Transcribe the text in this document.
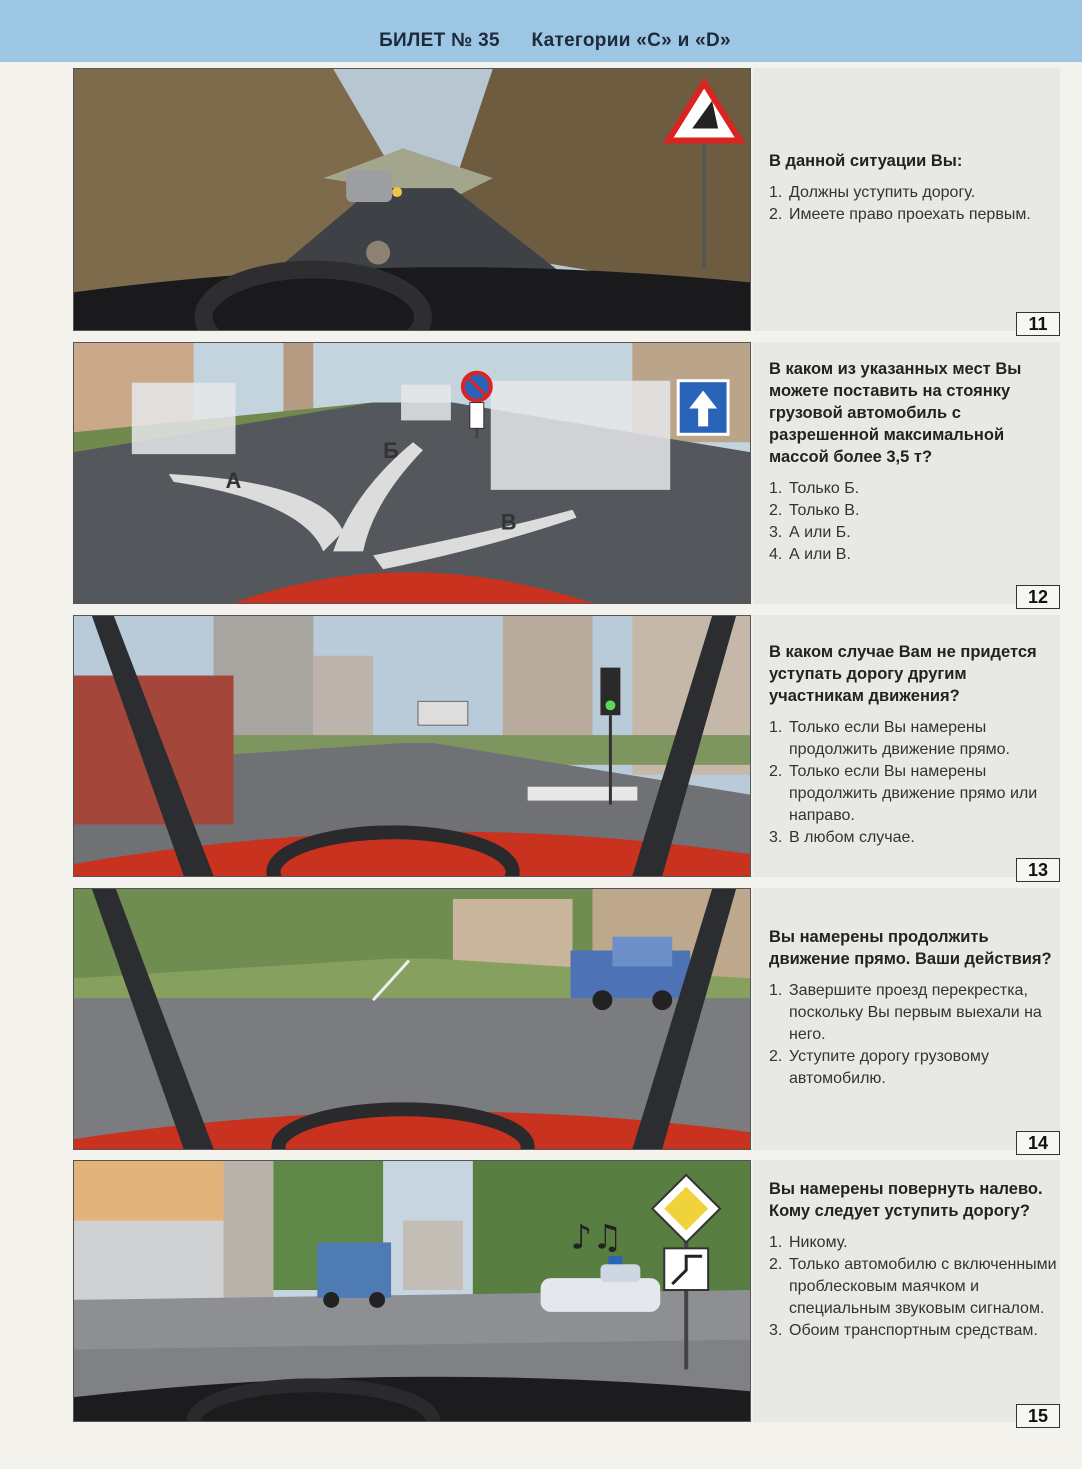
БИЛЕТ № 35 Категории «C» и «D»

В данной ситуации Вы:

1. Должны уступить дорогу.
2. Имеете право проехать первым.
11
А
Б
В

В каком из указанных мест Вы можете поставить на стоянку грузовой автомобиль с разрешенной максимальной массой более 3,5 т?

1. Только Б.
2. Только В.
3. А или Б.
4. А или В.
12

В каком случае Вам не придется уступать дорогу другим участникам движения?

1. Только если Вы намерены продолжить движение прямо.
2. Только если Вы намерены продолжить движение прямо или направо.
3. В любом случае.
13

Вы намерены продолжить движение прямо. Ваши действия?

1. Завершите проезд перекрестка, поскольку Вы первым выехали на него.
2. Уступите дорогу грузовому автомобилю.
14
♪♫

Вы намерены повернуть налево. Кому следует уступить дорогу?

1. Никому.
2. Только автомобилю с включенными проблесковым маячком и специальным звуковым сигналом.
3. Обоим транспортным средствам.
15
